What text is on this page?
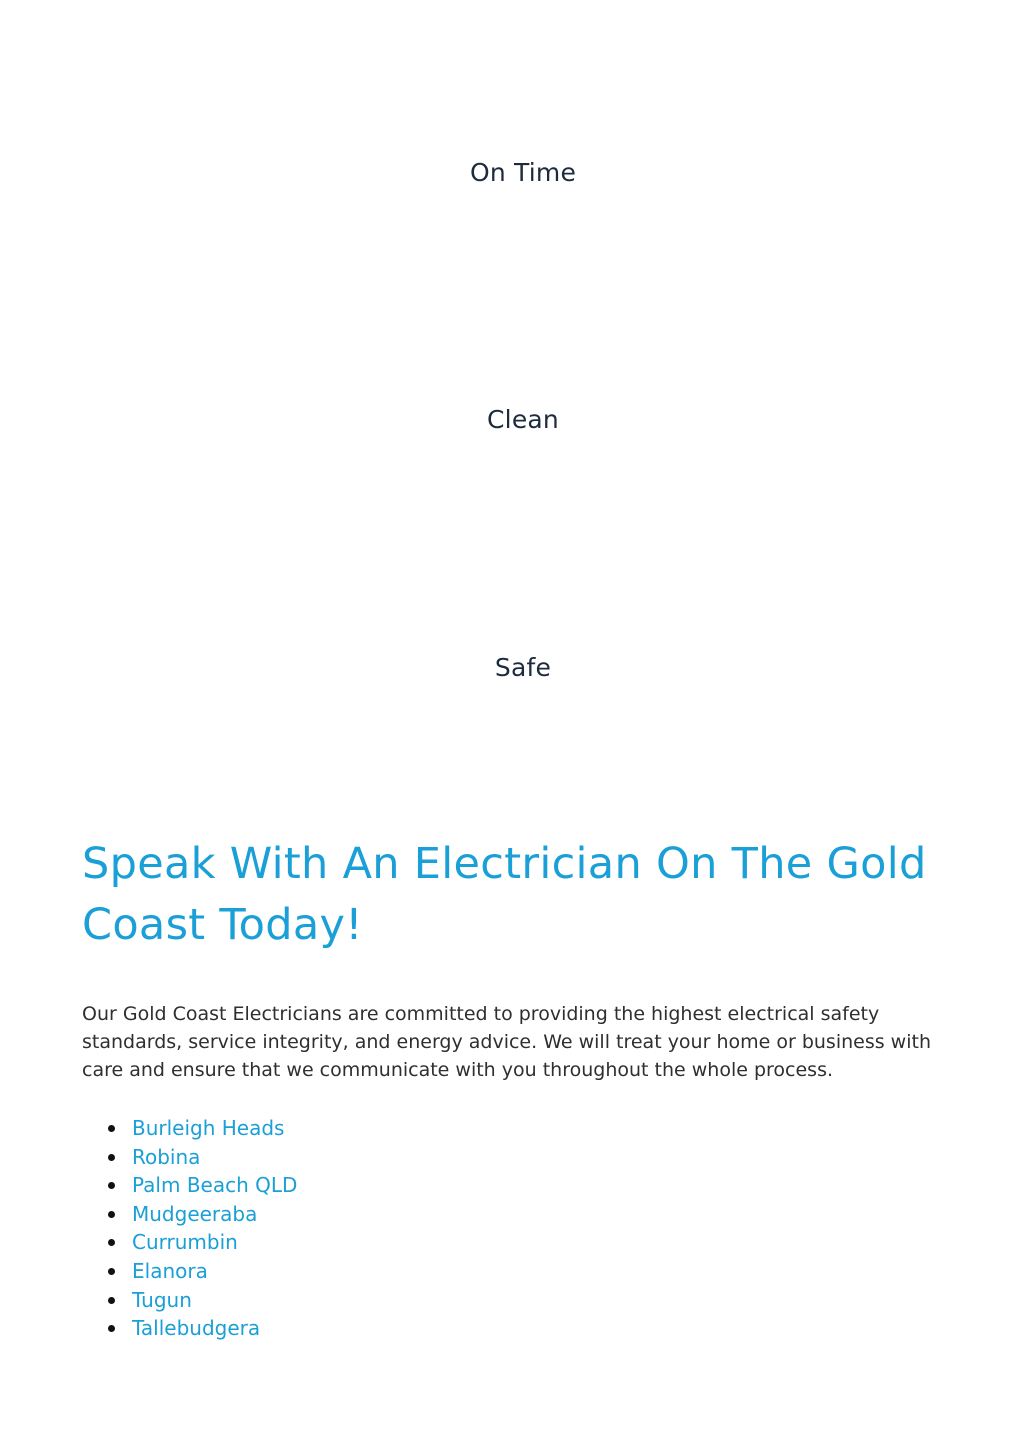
On Time
Clean
Safe
Speak With An Electrician On The Gold Coast Today!

Our Gold Coast Electricians are committed to providing the highest electrical safety standards, service integrity, and energy advice. We will treat your home or business with care and ensure that we communicate with you throughout the whole process.

Burleigh Heads
Robina
Palm Beach QLD
Mudgeeraba
Currumbin
Elanora
Tugun
Tallebudgera
